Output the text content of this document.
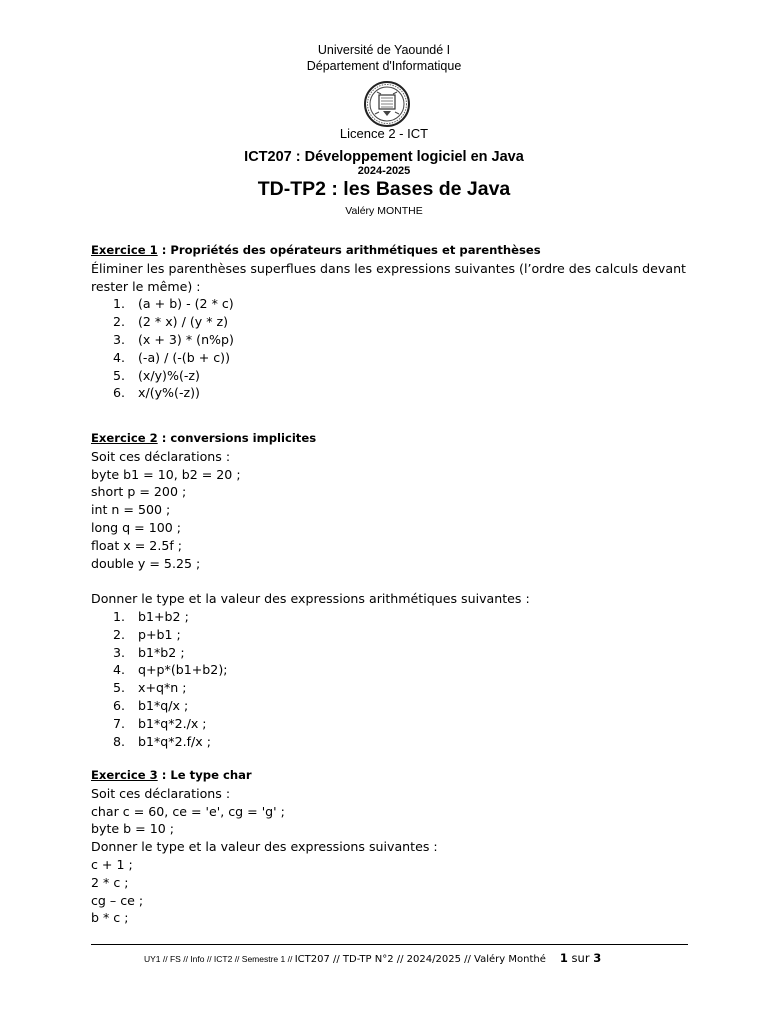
Université de Yaoundé I
Département d'Informatique
Licence 2 - ICT
ICT207 : Développement logiciel en Java
2024-2025
TD-TP2 : les Bases de Java
Valéry MONTHE
Exercice 1 : Propriétés des opérateurs arithmétiques et parenthèses
Éliminer les parenthèses superflues dans les expressions suivantes (l’ordre des calculs devant rester le même) :
1. (a + b) - (2 * c)
2. (2 * x) / (y * z)
3. (x + 3) * (n%p)
4. (-a) / (-(b + c))
5. (x/y)%(-z)
6. x/(y%(-z))
Exercice 2 : conversions implicites
Soit ces déclarations :
byte b1 = 10, b2 = 20 ;
short p = 200 ;
int n = 500 ;
long q = 100 ;
float x = 2.5f ;
double y = 5.25 ;
Donner le type et la valeur des expressions arithmétiques suivantes :
1. b1+b2 ;
2. p+b1 ;
3. b1*b2 ;
4. q+p*(b1+b2);
5. x+q*n ;
6. b1*q/x ;
7. b1*q*2./x ;
8. b1*q*2.f/x ;
Exercice 3 : Le type char
Soit ces déclarations :
char c = 60, ce = 'e', cg = 'g' ;
byte b = 10 ;
Donner le type et la valeur des expressions suivantes :
c + 1 ;
2 * c ;
cg – ce ;
b * c ;
UY1 // FS // Info // ICT2 // Semestre 1 // ICT207 // TD-TP N°2 // 2024/2025 // Valéry Monthé 1 sur 3
